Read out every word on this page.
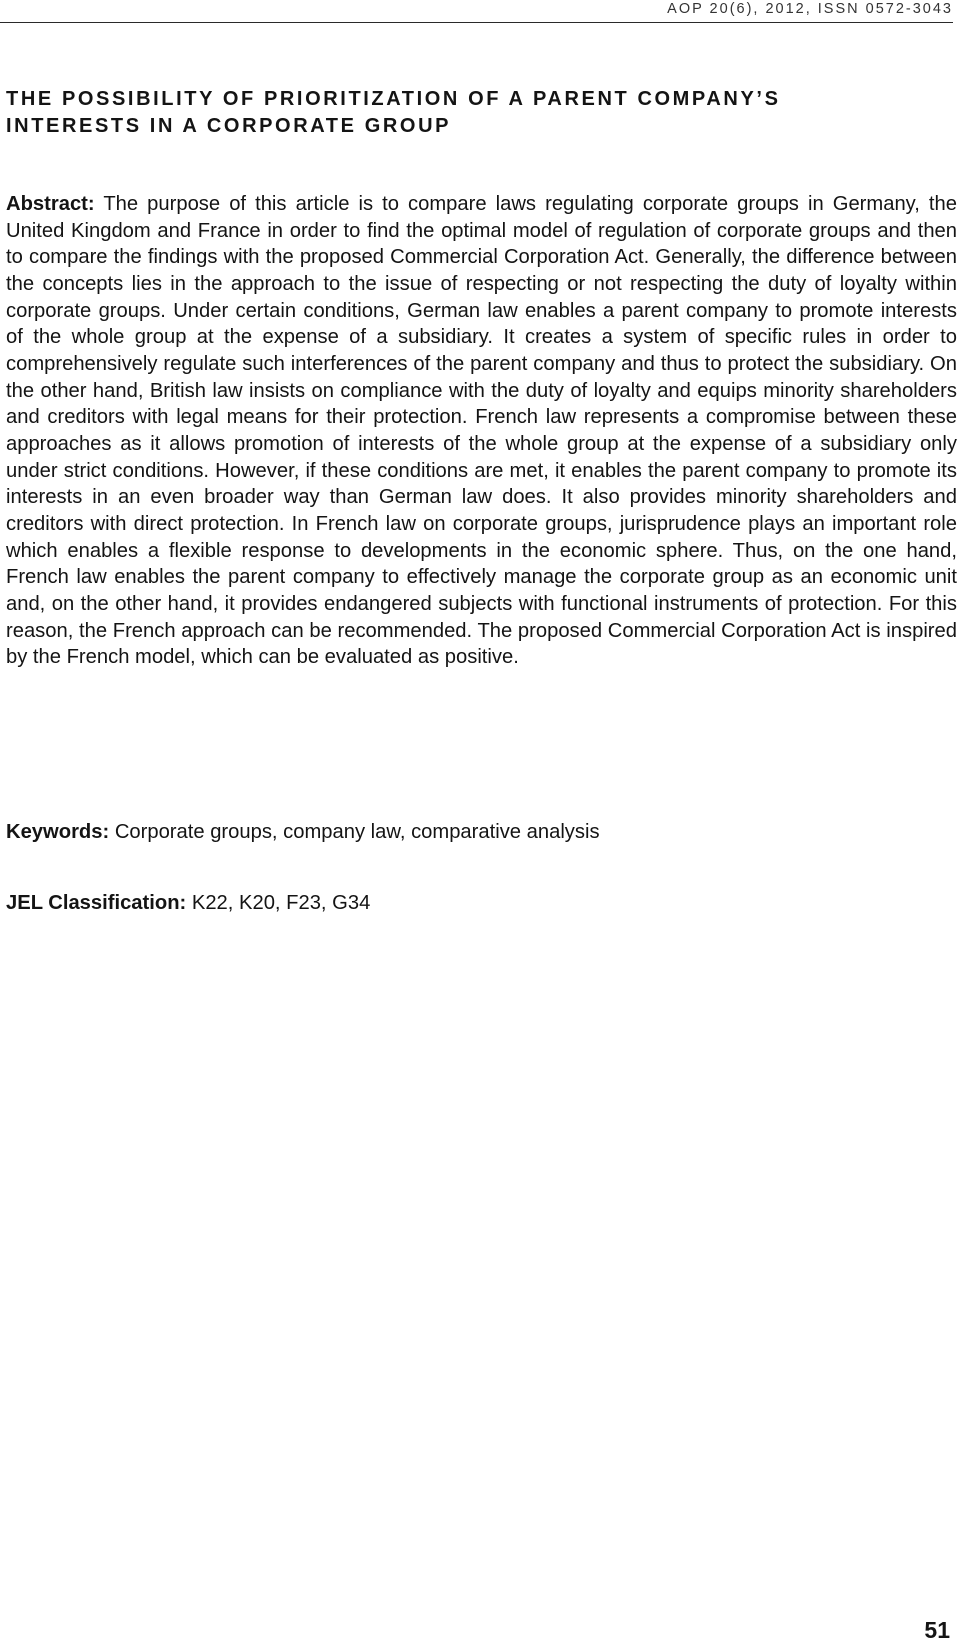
AOP 20(6), 2012, ISSN 0572-3043
THE POSSIBILITY OF PRIORITIZATION OF A PARENT COMPANY’S
INTERESTS IN A CORPORATE GROUP

Abstract: The purpose of this article is to compare laws regulating corporate groups in Germany, the United Kingdom and France in order to find the optimal model of regulation of corporate groups and then to compare the findings with the proposed Commercial Corporation Act. Generally, the difference between the concepts lies in the approach to the issue of respecting or not respecting the duty of loyalty within corporate groups. Under certain conditions, German law enables a parent company to promote interests of the whole group at the expense of a subsidiary. It creates a system of specific rules in order to comprehensively regulate such interferences of the parent company and thus to protect the subsidiary. On the other hand, British law insists on compliance with the duty of loyalty and equips minority shareholders and creditors with legal means for their protection. French law represents a compromise between these approaches as it allows promotion of interests of the whole group at the expense of a subsidiary only under strict conditions. However, if these conditions are met, it enables the parent company to promote its interests in an even broader way than German law does. It also provides minority shareholders and creditors with direct protection. In French law on corporate groups, jurisprudence plays an important role which enables a flexible response to developments in the economic sphere. Thus, on the one hand, French law enables the parent company to effectively manage the corporate group as an economic unit and, on the other hand, it provides endangered subjects with functional instruments of protection. For this reason, the French approach can be recommended. The proposed Commercial Corporation Act is inspired by the French model, which can be evaluated as positive.

Keywords: Corporate groups, company law, comparative analysis

JEL Classification: K22, K20, F23, G34

51
